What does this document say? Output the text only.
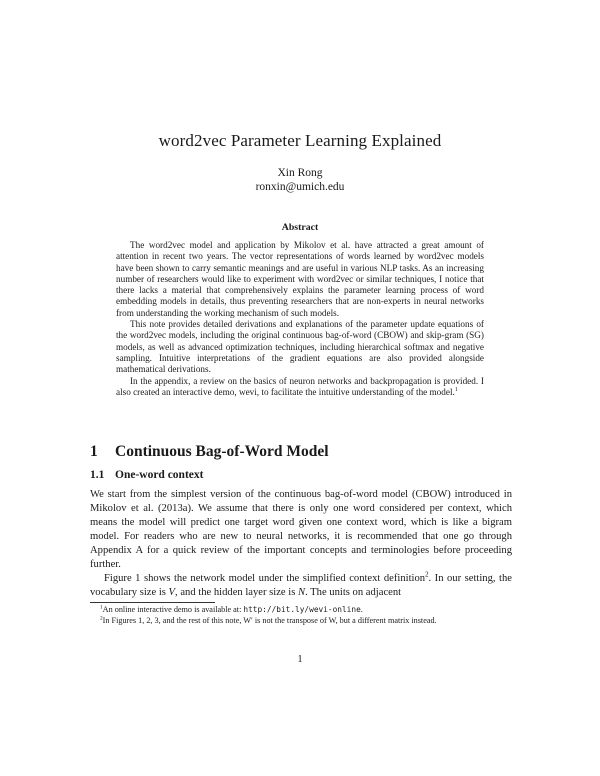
word2vec Parameter Learning Explained
Xin Rong
ronxin@umich.edu
Abstract

The word2vec model and application by Mikolov et al. have attracted a great amount of attention in recent two years. The vector representations of words learned by word2vec models have been shown to carry semantic meanings and are useful in various NLP tasks. As an increasing number of researchers would like to experiment with word2vec or similar techniques, I notice that there lacks a material that comprehensively explains the parameter learning process of word embedding models in details, thus preventing researchers that are non-experts in neural networks from understanding the working mechanism of such models.

This note provides detailed derivations and explanations of the parameter update equations of the word2vec models, including the original continuous bag-of-word (CBOW) and skip-gram (SG) models, as well as advanced optimization techniques, including hierarchical softmax and negative sampling. Intuitive interpretations of the gradient equations are also provided alongside mathematical derivations.

In the appendix, a review on the basics of neuron networks and backpropagation is provided. I also created an interactive demo, wevi, to facilitate the intuitive understanding of the model.$^1$

1 Continuous Bag-of-Word Model
1.1 One-word context

We start from the simplest version of the continuous bag-of-word model (CBOW) introduced in Mikolov et al. (2013a). We assume that there is only one word considered per context, which means the model will predict one target word given one context word, which is like a bigram model. For readers who are new to neural networks, it is recommended that one go through Appendix A for a quick review of the important concepts and terminologies before proceeding further.

Figure 1 shows the network model under the simplified context definition$^2$. In our setting, the vocabulary size is V, and the hidden layer size is N. The units on adjacent

$^1$An online interactive demo is available at: http://bit.ly/wevi-online.

$^2$In Figures 1, 2, 3, and the rest of this note, W′ is not the transpose of W, but a different matrix instead.

1
